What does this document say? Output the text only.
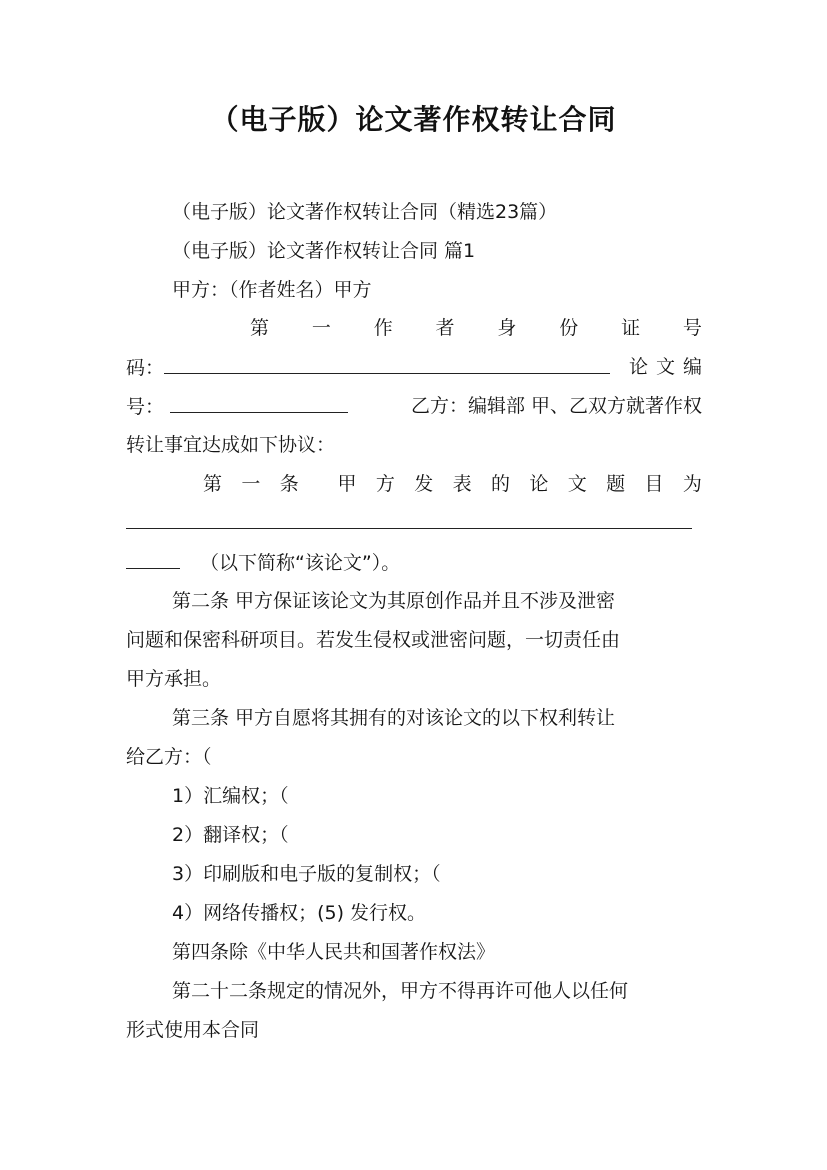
（电子版）论文著作权转让合同
（电子版）论文著作权转让合同（精选23篇）
（电子版）论文著作权转让合同 篇1
甲方：（作者姓名）甲方
第 一 作 者 身 份 证 号
码：	论文编
号：	乙方：编辑部 甲、乙双方就著作权
转让事宜达成如下协议：
第 一 条 甲 方 发 表 的 论 文 题 目 为
（以下简称“该论文”）。
第二条 甲方保证该论文为其原创作品并且不涉及泄密
问题和保密科研项目。若发生侵权或泄密问题，一切责任由
甲方承担。
第三条 甲方自愿将其拥有的对该论文的以下权利转让
给乙方：（
1）汇编权；（
2）翻译权；（
3）印刷版和电子版的复制权；（
4）网络传播权；(5) 发行权。
第四条除《中华人民共和国著作权法》
第二十二条规定的情况外，甲方不得再许可他人以任何
形式使用本合同
